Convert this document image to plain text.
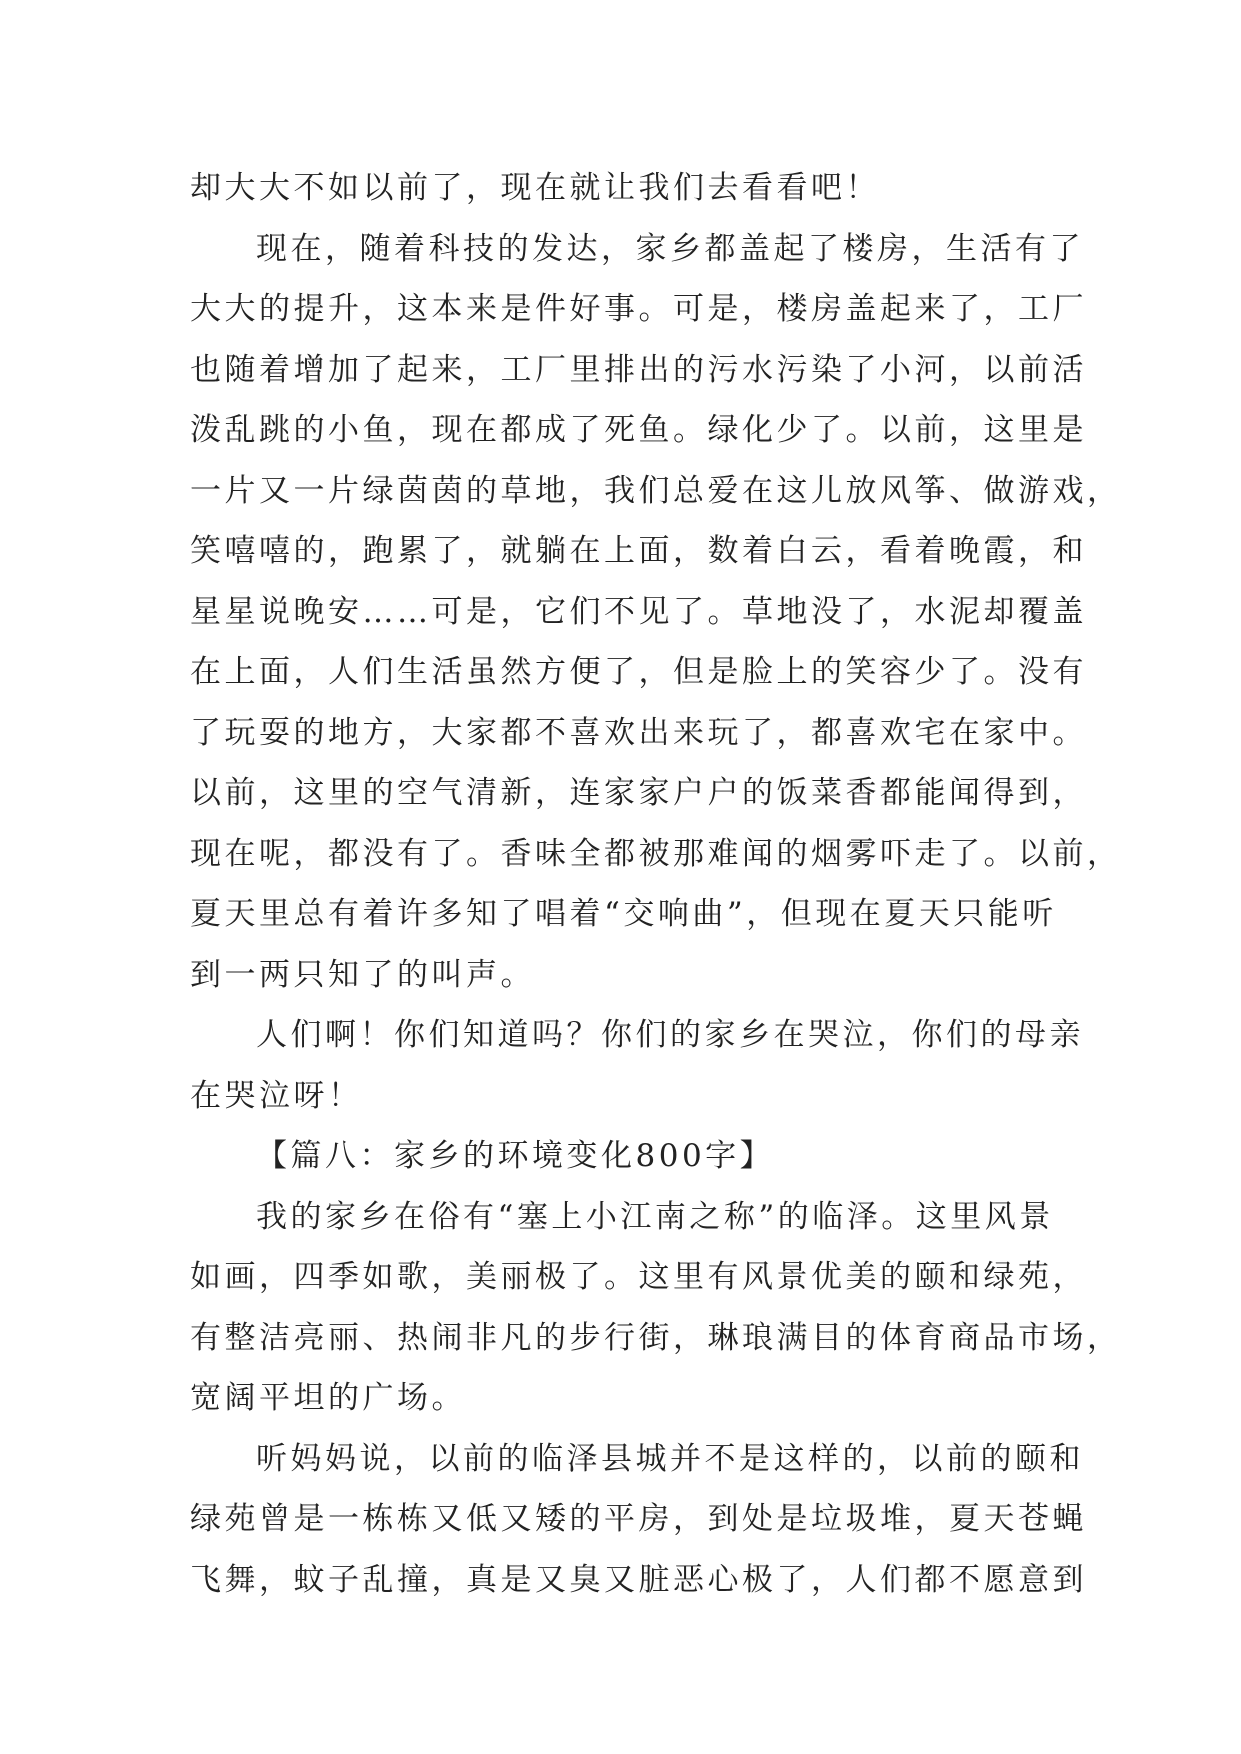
却大大不如以前了，现在就让我们去看看吧！
现在，随着科技的发达，家乡都盖起了楼房，生活有了
大大的提升，这本来是件好事。可是，楼房盖起来了，工厂
也随着增加了起来，工厂里排出的污水污染了小河，以前活
泼乱跳的小鱼，现在都成了死鱼。绿化少了。以前，这里是
一片又一片绿茵茵的草地，我们总爱在这儿放风筝、做游戏，
笑嘻嘻的，跑累了，就躺在上面，数着白云，看着晚霞，和
星星说晚安……可是，它们不见了。草地没了，水泥却覆盖
在上面，人们生活虽然方便了，但是脸上的笑容少了。没有
了玩耍的地方，大家都不喜欢出来玩了，都喜欢宅在家中。
以前，这里的空气清新，连家家户户的饭菜香都能闻得到，
现在呢，都没有了。香味全都被那难闻的烟雾吓走了。以前，
夏天里总有着许多知了唱着“交响曲”，但现在夏天只能听
到一两只知了的叫声。
人们啊！你们知道吗？你们的家乡在哭泣，你们的母亲
在哭泣呀！
【篇八：家乡的环境变化800字】
我的家乡在俗有“塞上小江南之称”的临泽。这里风景
如画，四季如歌，美丽极了。这里有风景优美的颐和绿苑，
有整洁亮丽、热闹非凡的步行街，琳琅满目的体育商品市场，
宽阔平坦的广场。
听妈妈说，以前的临泽县城并不是这样的，以前的颐和
绿苑曾是一栋栋又低又矮的平房，到处是垃圾堆，夏天苍蝇
飞舞，蚊子乱撞，真是又臭又脏恶心极了，人们都不愿意到
